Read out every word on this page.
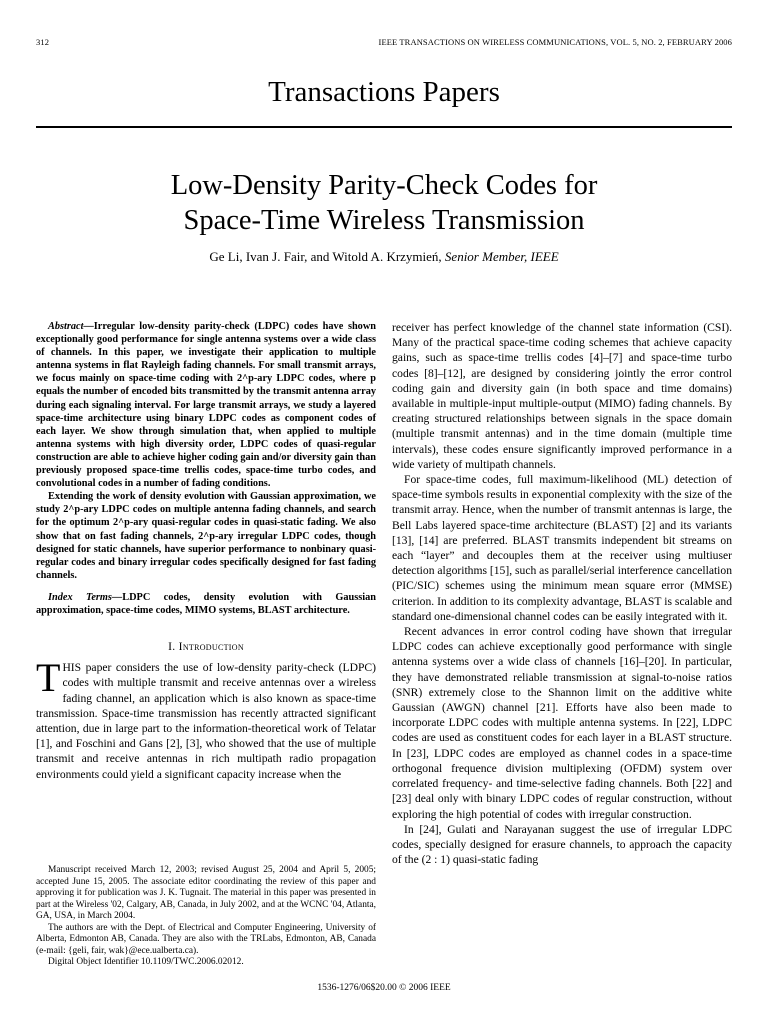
312	IEEE TRANSACTIONS ON WIRELESS COMMUNICATIONS, VOL. 5, NO. 2, FEBRUARY 2006
Transactions Papers
Low-Density Parity-Check Codes for
Space-Time Wireless Transmission
Ge Li, Ivan J. Fair, and Witold A. Krzymień, Senior Member, IEEE

Abstract—Irregular low-density parity-check (LDPC) codes have shown exceptionally good performance for single antenna systems over a wide class of channels. In this paper, we investigate their application to multiple antenna systems in flat Rayleigh fading channels. For small transmit arrays, we focus mainly on space-time coding with 2^p-ary LDPC codes, where p equals the number of encoded bits transmitted by the transmit antenna array during each signaling interval. For large transmit arrays, we study a layered space-time architecture using binary LDPC codes as component codes of each layer. We show through simulation that, when applied to multiple antenna systems with high diversity order, LDPC codes of quasi-regular construction are able to achieve higher coding gain and/or diversity gain than previously proposed space-time trellis codes, space-time turbo codes, and convolutional codes in a number of fading conditions.

Extending the work of density evolution with Gaussian approximation, we study 2^p-ary LDPC codes on multiple antenna fading channels, and search for the optimum 2^p-ary quasi-regular codes in quasi-static fading. We also show that on fast fading channels, 2^p-ary irregular LDPC codes, though designed for static channels, have superior performance to nonbinary quasi-regular codes and binary irregular codes specifically designed for fast fading channels.

Index Terms—LDPC codes, density evolution with Gaussian approximation, space-time codes, MIMO systems, BLAST architecture.
I. Introduction

THIS paper considers the use of low-density parity-check (LDPC) codes with multiple transmit and receive antennas over a wireless fading channel, an application which is also known as space-time transmission. Space-time transmission has recently attracted significant attention, due in large part to the information-theoretical work of Telatar [1], and Foschini and Gans [2], [3], who showed that the use of multiple transmit and receive antennas in rich multipath radio propagation environments could yield a significant capacity increase when the

Manuscript received March 12, 2003; revised August 25, 2004 and April 5, 2005; accepted June 15, 2005. The associate editor coordinating the review of this paper and approving it for publication was J. K. Tugnait. The material in this paper was presented in part at the Wireless '02, Calgary, AB, Canada, in July 2002, and at the WCNC '04, Atlanta, GA, USA, in March 2004.

The authors are with the Dept. of Electrical and Computer Engineering, University of Alberta, Edmonton AB, Canada. They are also with the TRLabs, Edmonton, AB, Canada (e-mail: {geli, fair, wak}@ece.ualberta.ca).

Digital Object Identifier 10.1109/TWC.2006.02012.

receiver has perfect knowledge of the channel state information (CSI). Many of the practical space-time coding schemes that achieve capacity gains, such as space-time trellis codes [4]–[7] and space-time turbo codes [8]–[12], are designed by considering jointly the error control coding gain and diversity gain (in both space and time domains) available in multiple-input multiple-output (MIMO) fading channels. By creating structured relationships between signals in the space domain (multiple transmit antennas) and in the time domain (multiple time intervals), these codes ensure significantly improved performance in a wide variety of multipath channels.

For space-time codes, full maximum-likelihood (ML) detection of space-time symbols results in exponential complexity with the size of the transmit array. Hence, when the number of transmit antennas is large, the Bell Labs layered space-time architecture (BLAST) [2] and its variants [13], [14] are preferred. BLAST transmits independent bit streams on each “layer” and decouples them at the receiver using multiuser detection algorithms [15], such as parallel/serial interference cancellation (PIC/SIC) schemes using the minimum mean square error (MMSE) criterion. In addition to its complexity advantage, BLAST is scalable and standard one-dimensional channel codes can be easily integrated with it.

Recent advances in error control coding have shown that irregular LDPC codes can achieve exceptionally good performance with single antenna systems over a wide class of channels [16]–[20]. In particular, they have demonstrated reliable transmission at signal-to-noise ratios (SNR) extremely close to the Shannon limit on the additive white Gaussian (AWGN) channel [21]. Efforts have also been made to incorporate LDPC codes with multiple antenna systems. In [22], LDPC codes are used as constituent codes for each layer in a BLAST structure. In [23], LDPC codes are employed as channel codes in a space-time orthogonal frequence division multiplexing (OFDM) system over correlated frequency- and time-selective fading channels. Both [22] and [23] deal only with binary LDPC codes of regular construction, without exploring the high potential of codes with irregular construction.

In [24], Gulati and Narayanan suggest the use of irregular LDPC codes, specially designed for erasure channels, to approach the capacity of the (2 : 1) quasi-static fading

1536-1276/06$20.00 © 2006 IEEE
